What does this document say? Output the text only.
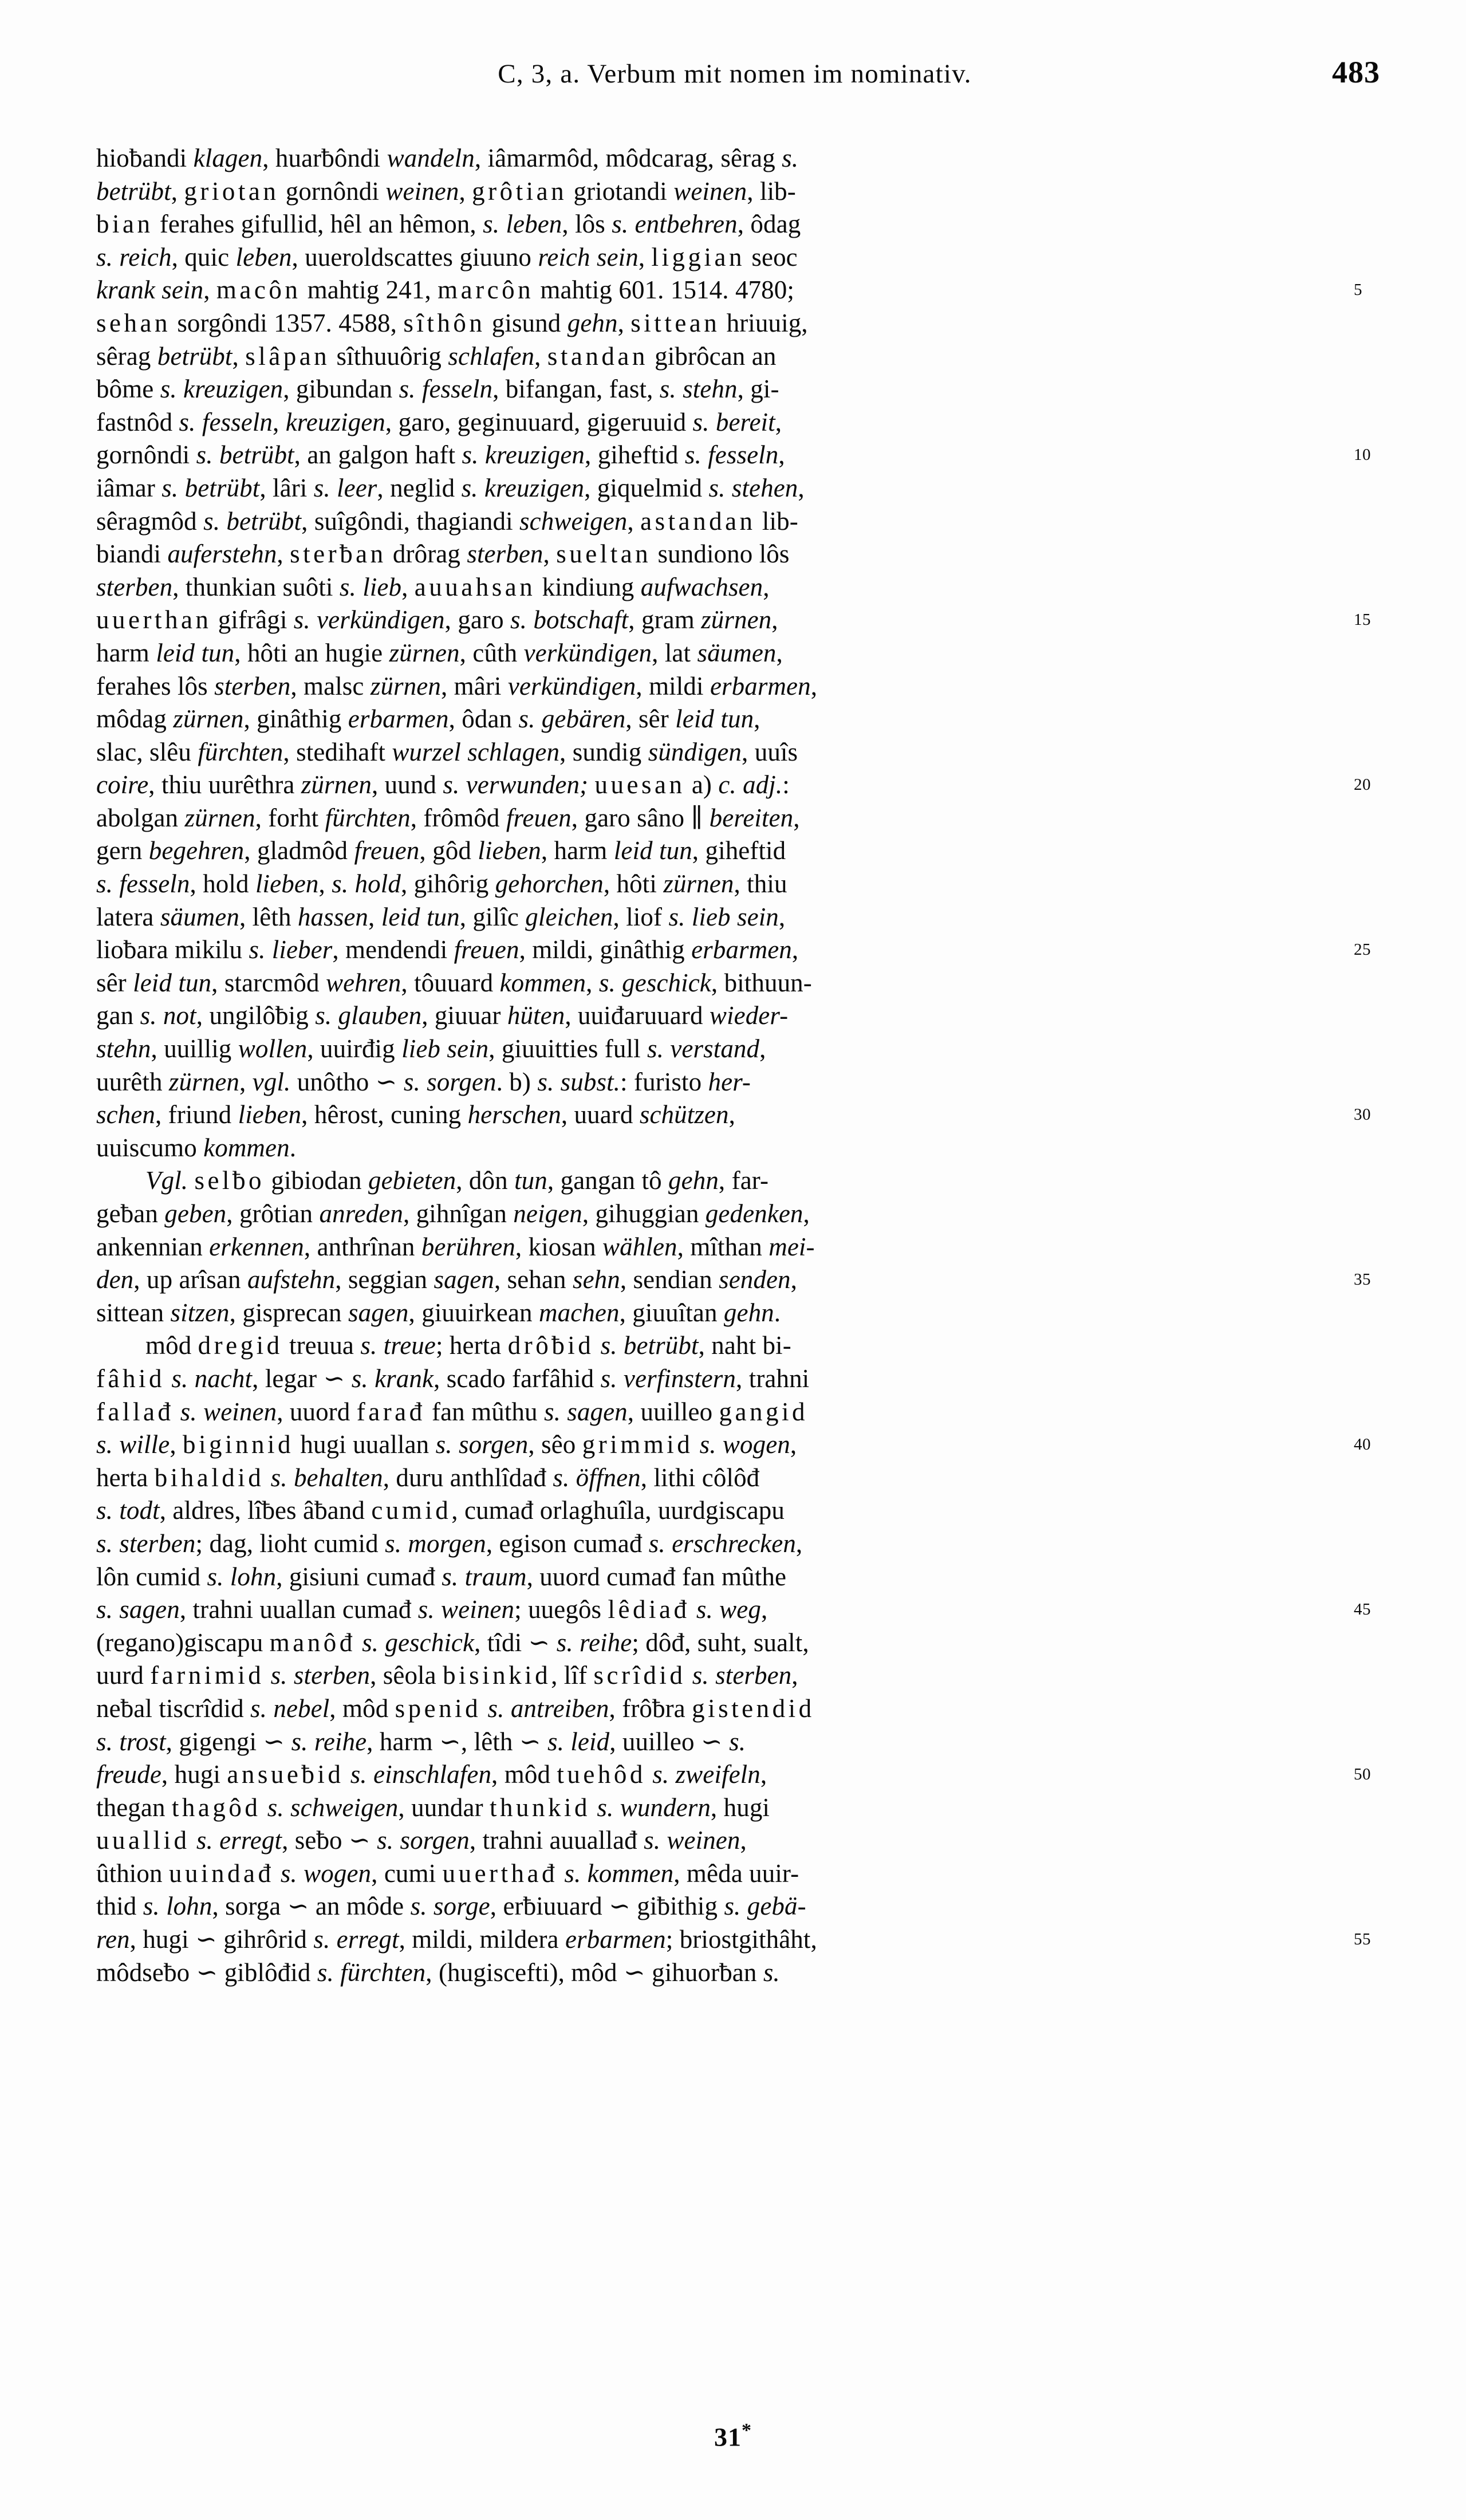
C, 3, a. Verbum mit nomen im nominativ.	483
hioƀandi klagen, huarƀôndi wandeln, iâmarmôd, môdcarag, sêrag s.
betrübt, griotan gornôndi weinen, grôtian griotandi weinen, lib-
bian ferahes gifullid, hêl an hêmon, s. leben, lôs s. entbehren, ôdag
s. reich, quic leben, uueroldscattes giuuno reich sein, liggian seoc
krank sein, macôn mahtig 241, marcôn mahtig 601. 1514. 4780;	5
sehan sorgôndi 1357. 4588, sîthôn gisund gehn, sittean hriuuig,
sêrag betrübt, slâpan sîthuuôrig schlafen, standan gibrôcan an
bôme s. kreuzigen, gibundan s. fesseln, bifangan, fast, s. stehn, gi-
fastnôd s. fesseln, kreuzigen, garo, geginuuard, gigeruuid s. bereit,
gornôndi s. betrübt, an galgon haft s. kreuzigen, giheftid s. fesseln,	10
iâmar s. betrübt, lâri s. leer, neglid s. kreuzigen, giquelmid s. stehen,
sêragmôd s. betrübt, suîgôndi, thagiandi schweigen, astandan lib-
biandi auferstehn, sterƀan drôrag sterben, sueltan sundiono lôs
sterben, thunkian suôti s. lieb, auuahsan kindiung aufwachsen,
uuerthan gifrâgi s. verkündigen, garo s. botschaft, gram zürnen,	15
harm leid tun, hôti an hugie zürnen, cûth verkündigen, lat säumen,
ferahes lôs sterben, malsc zürnen, mâri verkündigen, mildi erbarmen,
môdag zürnen, ginâthig erbarmen, ôdan s. gebären, sêr leid tun,
slac, slêu fürchten, stedihaft wurzel schlagen, sundig sündigen, uuîs
coire, thiu uurêthra zürnen, uund s. verwunden; uuesan a) c. adj.:	20
abolgan zürnen, forht fürchten, frômôd freuen, garo sâno ∥ bereiten,
gern begehren, gladmôd freuen, gôd lieben, harm leid tun, giheftid
s. fesseln, hold lieben, s. hold, gihôrig gehorchen, hôti zürnen, thiu
latera säumen, lêth hassen, leid tun, gilîc gleichen, liof s. lieb sein,
lioƀara mikilu s. lieber, mendendi freuen, mildi, ginâthig erbarmen,	25
sêr leid tun, starcmôd wehren, tôuuard kommen, s. geschick, bithuun-
gan s. not, ungilôƀig s. glauben, giuuar hüten, uuiđaruuard wieder-
stehn, uuillig wollen, uuirđig lieb sein, giuuitties full s. verstand,
uurêth zürnen, vgl. unôtho ∽ s. sorgen. b) s. subst.: furisto her-
schen, friund lieben, hêrost, cuning herschen, uuard schützen,	30
uuiscumo kommen.
Vgl. selƀo gibiodan gebieten, dôn tun, gangan tô gehn, far-
geƀan geben, grôtian anreden, gihnîgan neigen, gihuggian gedenken,
ankennian erkennen, anthrînan berühren, kiosan wählen, mîthan mei-
den, up arîsan aufstehn, seggian sagen, sehan sehn, sendian senden,	35
sittean sitzen, gisprecan sagen, giuuirkean machen, giuuîtan gehn.
môd dregid treuuа s. treue; herta drôƀid s. betrübt, naht bi-
fâhid s. nacht, legar ∽ s. krank, scado farfâhid s. verfinstern, trahni
fallađ s. weinen, uuord farađ fan mûthu s. sagen, uuilleo gangid
s. wille, biginnid hugi uuallan s. sorgen, sêo grimmid s. wogen,	40
herta bihaldid s. behalten, duru anthlîdađ s. öffnen, lithi côlôđ
s. todt, aldres, lîƀes âƀand cumid, cumađ orlaghuîla, uurdgiscapu
s. sterben; dag, lioht cumid s. morgen, egison cumađ s. erschrecken,
lôn cumid s. lohn, gisiuni cumađ s. traum, uuord cumađ fan mûthe
s. sagen, trahni uuallan cumađ s. weinen; uuegôs lêdiađ s. weg,	45
(regano)giscapu manôđ s. geschick, tîdi ∽ s. reihe; dôđ, suht, sualt,
uurd farnimid s. sterben, sêola bisinkid, lîf scrîdid s. sterben,
neƀal tiscrîdid s. nebel, môd spenid s. antreiben, frôƀra gistendid
s. trost, gigengi ∽ s. reihe, harm ∽, lêth ∽ s. leid, uuilleo ∽ s.
freude, hugi ansueƀid s. einschlafen, môd tuehôd s. zweifeln,	50
thegan thagôd s. schweigen, uundar thunkid s. wundern, hugi
uuallid s. erregt, seƀo ∽ s. sorgen, trahni auuallađ s. weinen,
ûthion uuindađ s. wogen, cumi uuerthađ s. kommen, mêda uuir-
thid s. lohn, sorga ∽ an môde s. sorge, erƀiuuard ∽ giƀithig s. gebä-
ren, hugi ∽ gihrôrid s. erregt, mildi, mildera erbarmen; briostgithâht,	55
môdseƀo ∽ giblôđid s. fürchten, (hugiscefti), môd ∽ gihuorƀan s.
31*
